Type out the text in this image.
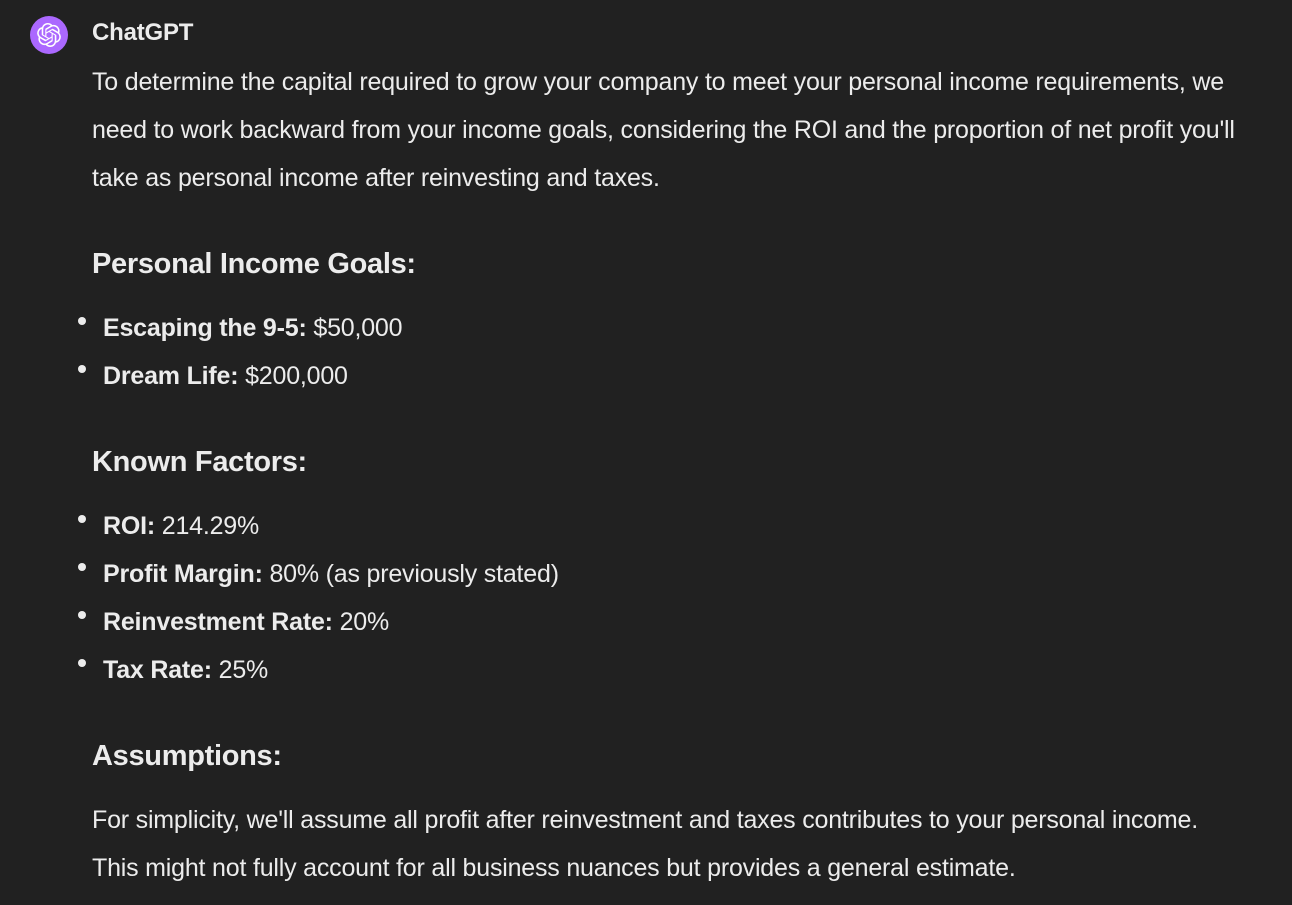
ChatGPT

To determine the capital required to grow your company to meet your personal income requirements, we need to work backward from your income goals, considering the ROI and the proportion of net profit you'll take as personal income after reinvesting and taxes.

Personal Income Goals:
Escaping the 9-5: $50,000
Dream Life: $200,000
Known Factors:
ROI: 214.29%
Profit Margin: 80% (as previously stated)
Reinvestment Rate: 20%
Tax Rate: 25%
Assumptions:

For simplicity, we'll assume all profit after reinvestment and taxes contributes to your personal income. This might not fully account for all business nuances but provides a general estimate.
